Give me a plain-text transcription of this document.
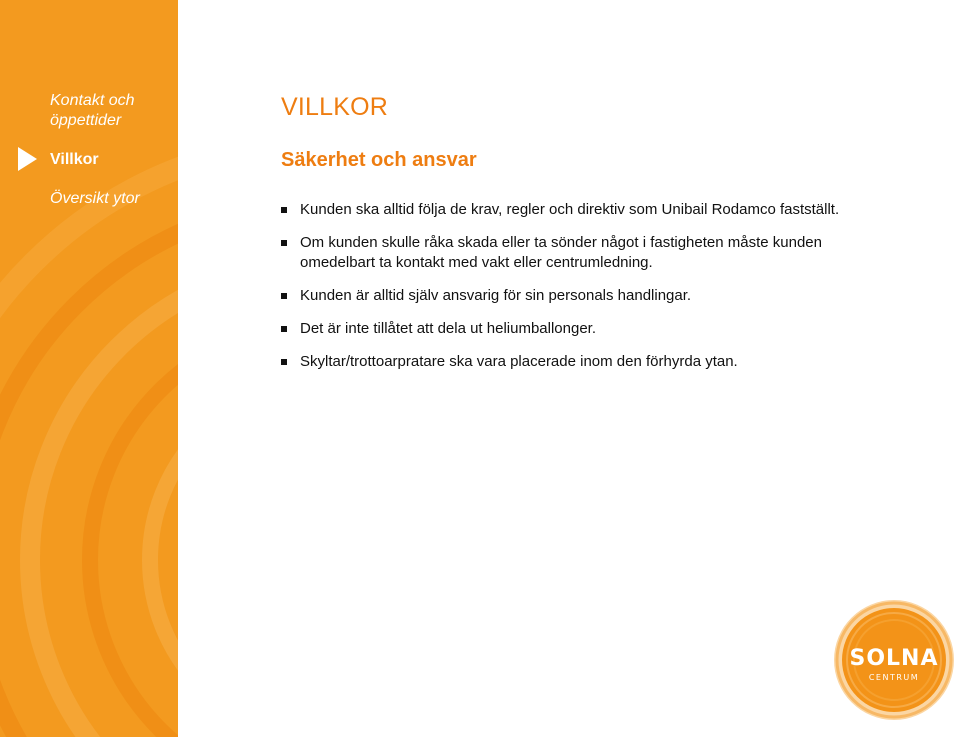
Kontakt och öppettider
Villkor
Översikt ytor
VILLKOR
Säkerhet och ansvar
Kunden ska alltid följa de krav, regler och direktiv som Unibail Rodamco fastställt.
Om kunden skulle råka skada eller ta sönder något i fastigheten måste kunden omedelbart ta kontakt med vakt eller centrumledning.
Kunden är alltid själv ansvarig för sin personals handlingar.
Det är inte tillåtet att dela ut heliumballonger.
Skyltar/trottoarpratare ska vara placerade inom den förhyrda ytan.
SOLNA
CENTRUM
